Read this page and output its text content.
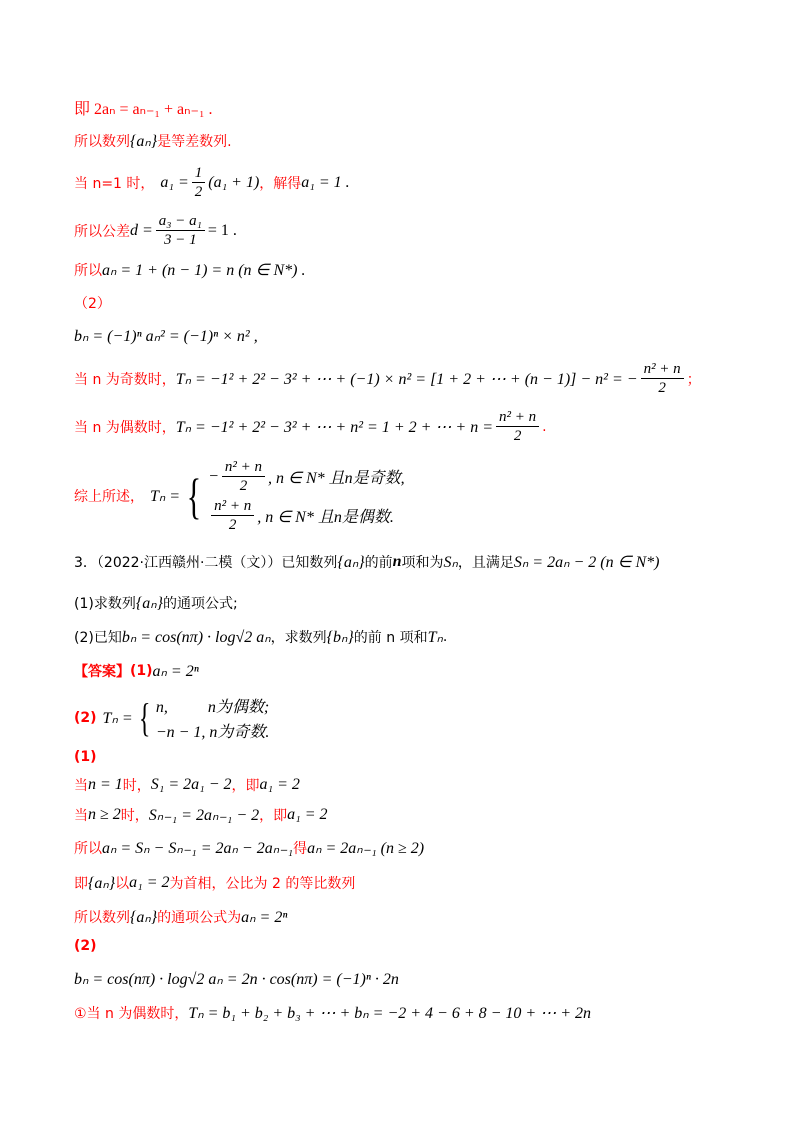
即 2aₙ = aₙ₋₁ + aₙ₋₁ .
所以数列 {aₙ} 是等差数列.
当 n=1 时， $a_1 = \frac{1}{2} (a_1 + 1)$ ，解得 a₁ = 1 .
所以公差 $d = \frac{\text{a₃ − a₁}}{3 - 1} = 1$ .
所以 aₙ = 1 + (n − 1) = n (n ∈ N*) .
（2）
bₙ = (−1)ⁿ aₙ² = (−1)ⁿ × n² ,
当 n 为奇数时， Tₙ = −1² + 2² − 3² + ⋯ + (−1) × n² = [1 + 2 + ⋯ + (n − 1)] − n² = − $\frac{\text{n² + n}}{2}$ ；
当 n 为偶数时， Tₙ = −1² + 2² − 3² + ⋯ + n² = 1 + 2 + ⋯ + $n = \frac{\text{n² + n}}{2}$ .
综上所述， Tₙ = { − $\frac{\text{n² + n}}{2}$ , n ∈ N* 且n是奇数,
$\frac{\text{n² + n}}{2}$ , n ∈ N* 且n是偶数.
3．（2022·江西赣州·二模（文））已知数列 {aₙ} 的前 n 项和为 Sₙ ，且满足 Sₙ = 2aₙ − 2 (n ∈ N*)
(1)求数列 {aₙ} 的通项公式;
(2)已知 bₙ = cos(nπ) · log√2 aₙ ，求数列 {bₙ} 的前 n 项和 Tₙ .
【答案】 (1) aₙ = 2ⁿ
(2) Tₙ = { n,          n为偶数;
−n − 1, n为奇数.
(1)
当 n = 1 时， S₁ = 2a₁ − 2 ，即 a₁ = 2
当 n ≥ 2 时， Sₙ₋₁ = 2aₙ₋₁ − 2 ，即 a₁ = 2
所以 aₙ = Sₙ − Sₙ₋₁ = 2aₙ − 2aₙ₋₁ 得 aₙ = 2aₙ₋₁ (n ≥ 2)
即 {aₙ} 以 a₁ = 2 为首相，公比为 2 的等比数列
所以数列 {aₙ} 的通项公式为 aₙ = 2ⁿ
(2)
bₙ = cos(nπ) · log√2 aₙ = 2n · cos(nπ) = (−1)ⁿ · 2n
①当 n 为偶数时， Tₙ = b₁ + b₂ + b₃ + ⋯ + bₙ = −2 + 4 − 6 + 8 − 10 + ⋯ + 2n
